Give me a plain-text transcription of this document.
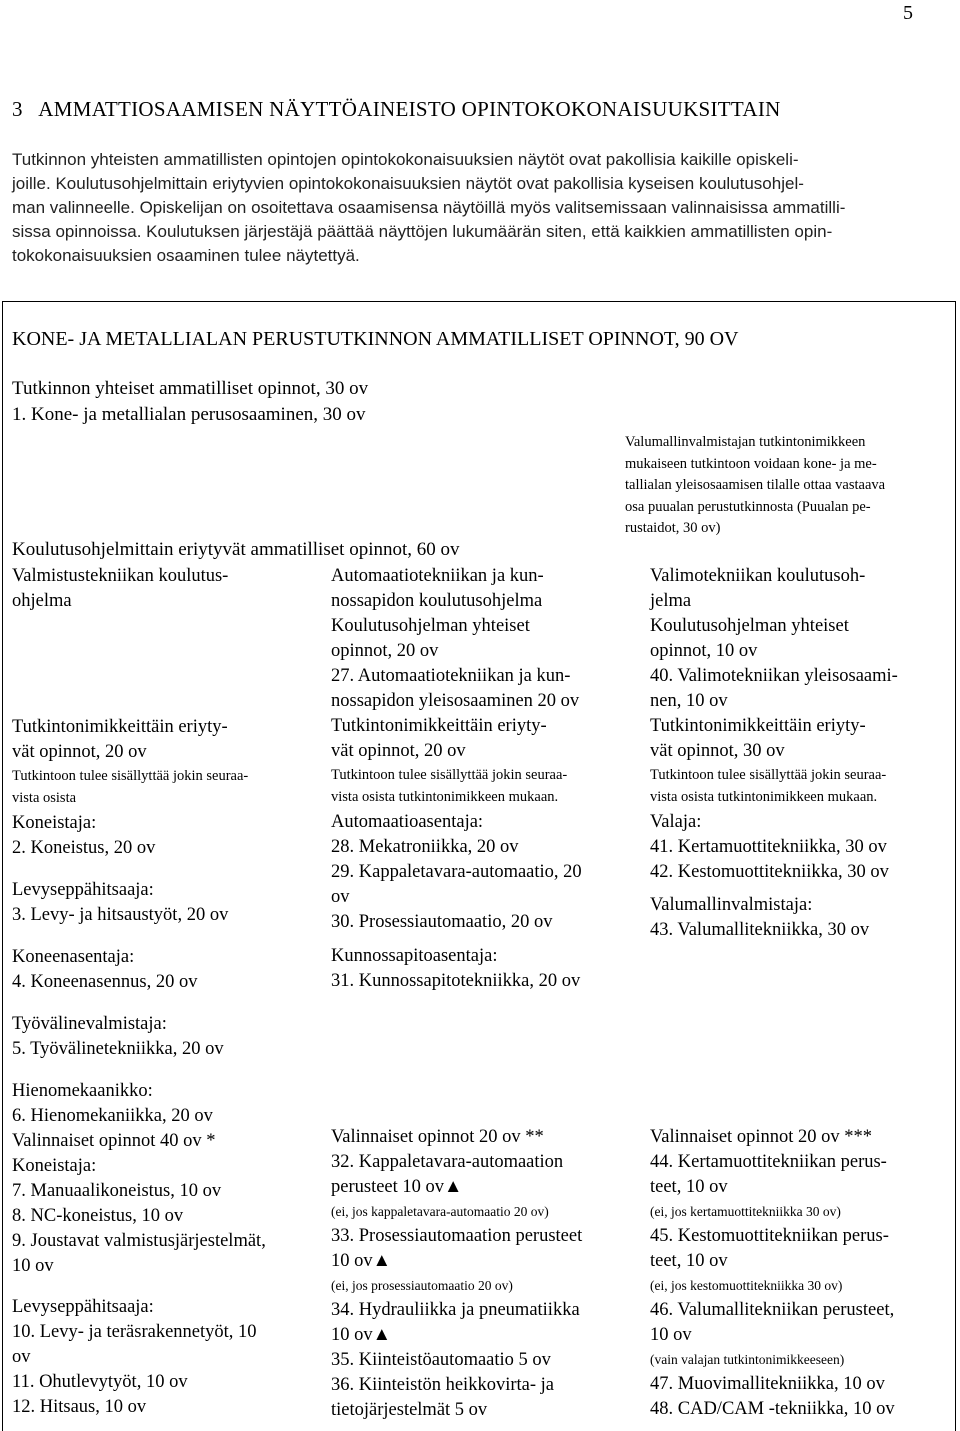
5
3   AMMATTIOSAAMISEN NÄYTTÖAINEISTO OPINTOKOKONAISUUKSITTAIN
Tutkinnon yhteisten ammatillisten opintojen opintokokonaisuuksien näytöt ovat pakollisia kaikille opiskeli-
joille. Koulutusohjelmittain eriytyvien opintokokonaisuuksien näytöt ovat pakollisia kyseisen koulutusohjel-
man valinneelle. Opiskelijan on osoitettava osaamisensa näytöillä myös valitsemissaan valinnaisissa ammatilli-
sissa opinnoissa. Koulutuksen järjestäjä päättää näyttöjen lukumäärän siten, että kaikkien ammatillisten opin-
tokokonaisuuksien osaaminen tulee näytettyä.
KONE- JA METALLIALAN PERUSTUTKINNON AMMATILLISET OPINNOT, 90 OV
Tutkinnon yhteiset ammatilliset opinnot, 30 ov
1. Kone- ja metallialan perusosaaminen, 30 ov
Valumallinvalmistajan tutkintonimikkeen
mukaiseen tutkintoon voidaan kone- ja me-
tallialan yleisosaamisen tilalle ottaa vastaava
osa puualan perustutkinnosta (Puualan pe-
rustaidot, 30 ov)
Koulutusohjelmittain eriytyvät ammatilliset opinnot, 60 ov
Valmistustekniikan koulutus-
ohjelma
Tutkintonimikkeittäin eriyty-
vät opinnot, 20 ov
Tutkintoon tulee sisällyttää jokin seuraa-
vista osista
Koneistaja:
2. Koneistus, 20 ov
Levyseppähitsaaja:
3. Levy- ja hitsaustyöt, 20 ov
Koneenasentaja:
4. Koneenasennus, 20 ov
Työvälinevalmistaja:
5. Työvälinetekniikka, 20 ov
Hienomekaanikko:
6. Hienomekaniikka, 20 ov
Valinnaiset opinnot 40 ov *
Koneistaja:
7. Manuaalikoneistus, 10 ov
8. NC-koneistus, 10 ov
9. Joustavat valmistusjärjestelmät,
10 ov
Levyseppähitsaaja:
10. Levy- ja teräsrakennetyöt, 10
ov
11. Ohutlevytyöt, 10 ov
12. Hitsaus, 10 ov
Automaatiotekniikan ja kun-
nossapidon koulutusohjelma
Koulutusohjelman yhteiset
opinnot, 20 ov
27. Automaatiotekniikan ja kun-
nossapidon yleisosaaminen 20 ov
Tutkintonimikkeittäin eriyty-
vät opinnot, 20 ov
Tutkintoon tulee sisällyttää jokin seuraa-
vista osista tutkintonimikkeen mukaan.
Automaatioasentaja:
28. Mekatroniikka, 20 ov
29. Kappaletavara-automaatio, 20
ov
30. Prosessiautomaatio, 20 ov
Kunnossapitoasentaja:
31. Kunnossapitotekniikka, 20 ov
Valinnaiset opinnot 20 ov **
32. Kappaletavara-automaation
perusteet 10 ov▲
(ei, jos kappaletavara-automaatio 20 ov)
33. Prosessiautomaation perusteet
10 ov▲
(ei, jos prosessiautomaatio 20 ov)
34. Hydrauliikka ja pneumatiikka
10 ov▲
35. Kiinteistöautomaatio 5 ov
36. Kiinteistön heikkovirta- ja
tietojärjestelmät 5 ov
Valimotekniikan koulutusoh-
jelma
Koulutusohjelman yhteiset
opinnot, 10 ov
40. Valimotekniikan yleisosaami-
nen, 10 ov
Tutkintonimikkeittäin eriyty-
vät opinnot, 30 ov
Tutkintoon tulee sisällyttää jokin seuraa-
vista osista tutkintonimikkeen mukaan.
Valaja:
41. Kertamuottitekniikka, 30 ov
42. Kestomuottitekniikka, 30 ov
Valumallinvalmistaja:
43. Valumallitekniikka, 30 ov
Valinnaiset opinnot 20 ov ***
44. Kertamuottitekniikan perus-
teet, 10 ov
(ei, jos kertamuottitekniikka 30 ov)
45. Kestomuottitekniikan perus-
teet, 10 ov
(ei, jos kestomuottitekniikka 30 ov)
46. Valumallitekniikan perusteet,
10 ov
(vain valajan tutkintonimikkeeseen)
47. Muovimallitekniikka, 10 ov
48. CAD/CAM -tekniikka, 10 ov
